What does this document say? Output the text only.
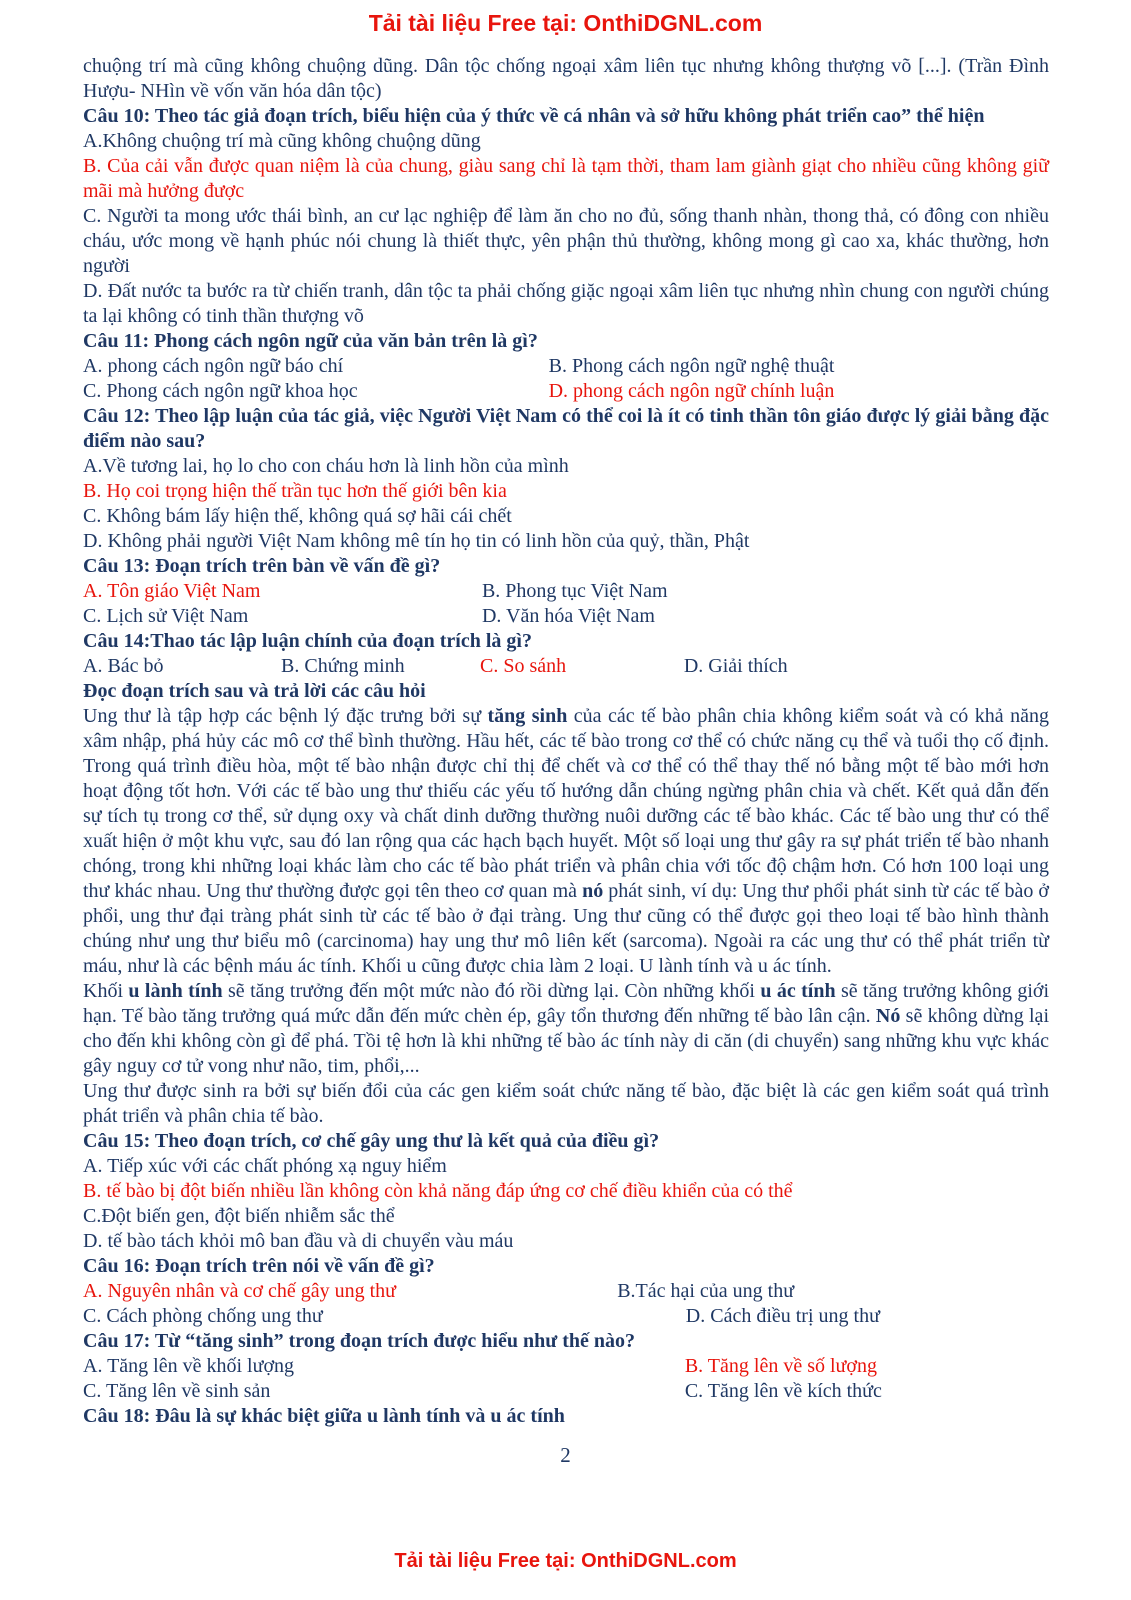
Tải tài liệu Free tại: OnthiDGNL.com
chuộng trí mà cũng không chuộng dũng. Dân tộc chống ngoại xâm liên tục nhưng không thượng võ [...]. (Trần Đình Hượu- NHìn về vốn văn hóa dân tộc)
Câu 10: Theo tác giả đoạn trích, biểu hiện của ý thức về cá nhân và sở hữu không phát triển cao” thể hiện
A.Không chuộng trí mà cũng không chuộng dũng
B. Của cải vẫn được quan niệm là của chung, giàu sang chỉ là tạm thời, tham lam giành giạt cho nhiều cũng không giữ mãi mà hưởng được
C. Người ta mong ước thái bình, an cư lạc nghiệp để làm ăn cho no đủ, sống thanh nhàn, thong thả, có đông con nhiều cháu, ước mong về hạnh phúc nói chung là thiết thực, yên phận thủ thường, không mong gì cao xa, khác thường, hơn người
D. Đất nước ta bước ra từ chiến tranh, dân tộc ta phải chống giặc ngoại xâm liên tục nhưng nhìn chung con người chúng ta lại không có tinh thần thượng võ
Câu 11: Phong cách ngôn ngữ của văn bản trên là gì?
A. phong cách ngôn ngữ báo chí	B. Phong cách ngôn ngữ nghệ thuật
C. Phong cách ngôn ngữ khoa học	D. phong cách ngôn ngữ chính luận
Câu 12: Theo lập luận của tác giả, việc Người Việt Nam có thể coi là ít có tinh thần tôn giáo được lý giải bằng đặc điểm nào sau?
A.Về tương lai, họ lo cho con cháu hơn là linh hồn của mình
B. Họ coi trọng hiện thế trần tục hơn thế giới bên kia
C. Không bám lấy hiện thế, không quá sợ hãi cái chết
D. Không phải người Việt Nam không mê tín họ tin có linh hồn của quỷ, thần, Phật
Câu 13: Đoạn trích trên bàn về vấn đề gì?
A. Tôn giáo Việt Nam	B. Phong tục Việt Nam
C. Lịch sử Việt Nam	D. Văn hóa Việt Nam
Câu 14:Thao tác lập luận chính của đoạn trích là gì?
A. Bác bỏ	B. Chứng minh	C. So sánh	D. Giải thích
Đọc đoạn trích sau và trả lời các câu hỏi
Ung thư là tập hợp các bệnh lý đặc trưng bởi sự tăng sinh của các tế bào phân chia không kiểm soát và có khả năng xâm nhập, phá hủy các mô cơ thể bình thường. Hầu hết, các tế bào trong cơ thể có chức năng cụ thể và tuổi thọ cố định. Trong quá trình điều hòa, một tế bào nhận được chỉ thị để chết và cơ thể có thể thay thế nó bằng một tế bào mới hơn hoạt động tốt hơn. Với các tế bào ung thư thiếu các yếu tố hướng dẫn chúng ngừng phân chia và chết. Kết quả dẫn đến sự tích tụ trong cơ thể, sử dụng oxy và chất dinh dưỡng thường nuôi dưỡng các tế bào khác. Các tế bào ung thư có thể xuất hiện ở một khu vực, sau đó lan rộng qua các hạch bạch huyết. Một số loại ung thư gây ra sự phát triển tế bào nhanh chóng, trong khi những loại khác làm cho các tế bào phát triển và phân chia với tốc độ chậm hơn. Có hơn 100 loại ung thư khác nhau. Ung thư thường được gọi tên theo cơ quan mà nó phát sinh, ví dụ: Ung thư phổi phát sinh từ các tế bào ở phổi, ung thư đại tràng phát sinh từ các tế bào ở đại tràng. Ung thư cũng có thể được gọi theo loại tế bào hình thành chúng như ung thư biểu mô (carcinoma) hay ung thư mô liên kết (sarcoma). Ngoài ra các ung thư có thể phát triển từ máu, như là các bệnh máu ác tính. Khối u cũng được chia làm 2 loại. U lành tính và u ác tính.
Khối u lành tính sẽ tăng trưởng đến một mức nào đó rồi dừng lại. Còn những khối u ác tính sẽ tăng trưởng không giới hạn. Tế bào tăng trưởng quá mức dẫn đến mức chèn ép, gây tổn thương đến những tế bào lân cận. Nó sẽ không dừng lại cho đến khi không còn gì để phá. Tồi tệ hơn là khi những tế bào ác tính này di căn (di chuyển) sang những khu vực khác gây nguy cơ tử vong như não, tim, phổi,...
Ung thư được sinh ra bởi sự biến đổi của các gen kiểm soát chức năng tế bào, đặc biệt là các gen kiểm soát quá trình phát triển và phân chia tế bào.
Câu 15: Theo đoạn trích, cơ chế gây ung thư là kết quả của điều gì?
A. Tiếp xúc với các chất phóng xạ nguy hiểm
B. tế bào bị đột biến nhiều lần không còn khả năng đáp ứng cơ chế điều khiển của có thể
C.Đột biến gen, đột biến nhiễm sắc thể
D. tế bào tách khỏi mô ban đầu và di chuyển vàu máu
Câu 16: Đoạn trích trên nói về vấn đề gì?
A. Nguyên nhân và cơ chế gây ung thư	B.Tác hại của ung thư
C. Cách phòng chống ung thư	D. Cách điều trị ung thư
Câu 17: Từ “tăng sinh” trong đoạn trích được hiểu như thế nào?
A. Tăng lên về khối lượng	B. Tăng lên về số lượng
C. Tăng lên về sinh sản	C. Tăng lên về kích thức
Câu 18: Đâu là sự khác biệt giữa u lành tính và u ác tính
2
Tải tài liệu Free tại: OnthiDGNL.com
